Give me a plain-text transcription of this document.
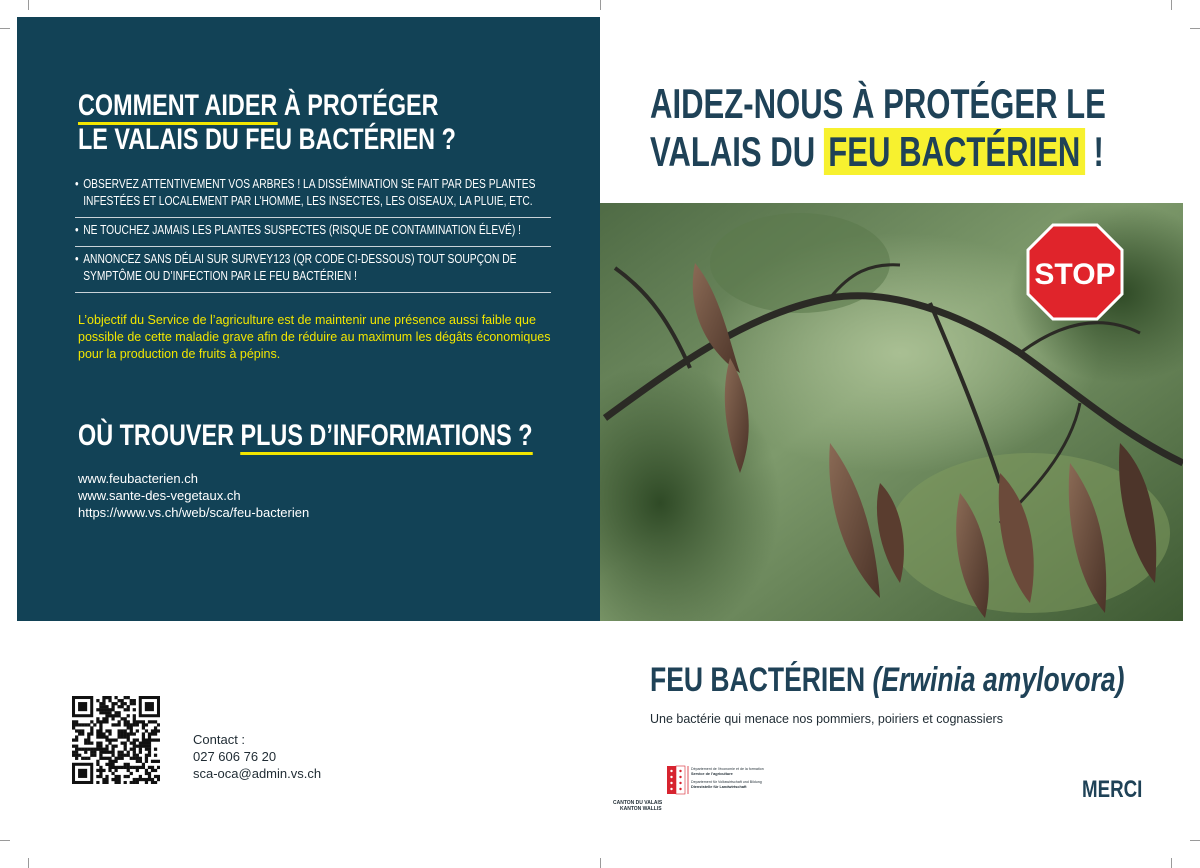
COMMENT AIDER À PROTÉGER
LE VALAIS DU FEU BACTÉRIEN ?
• OBSERVEZ ATTENTIVEMENT VOS ARBRES ! LA DISSÉMINATION SE FAIT PAR DES PLANTES INFESTÉES ET LOCALEMENT PAR L’HOMME, LES INSECTES, LES OISEAUX, LA PLUIE, ETC.
• NE TOUCHEZ JAMAIS LES PLANTES SUSPECTES (RISQUE DE CONTAMINATION ÉLEVÉ) !
• ANNONCEZ SANS DÉLAI SUR SURVEY123 (QR CODE CI-DESSOUS) TOUT SOUPÇON DE SYMPTÔME OU D’INFECTION PAR LE FEU BACTÉRIEN !

L’objectif du Service de l’agriculture est de maintenir une présence aussi faible que possible de cette maladie grave afin de réduire au maximum les dégâts économiques pour la production de fruits à pépins.

OÙ TROUVER PLUS D’INFORMATIONS ?
www.feubacterien.ch
www.sante-des-vegetaux.ch
https://www.vs.ch/web/sca/feu-bacterien
AIDEZ-NOUS À PROTÉGER LE
VALAIS DU FEU BACTÉRIEN !
STOP
Contact :
027 606 76 20
sca-oca@admin.vs.ch
FEU BACTÉRIEN (Erwinia amylovora)
Une bactérie qui menace nos pommiers, poiriers et cognassiers
CANTON DU VALAIS
KANTON WALLIS
Département de l’économie et de la formation
Service de l’agriculture
Departement für Volkswirtschaft und Bildung
Dienststelle für Landwirtschaft	MERCI
